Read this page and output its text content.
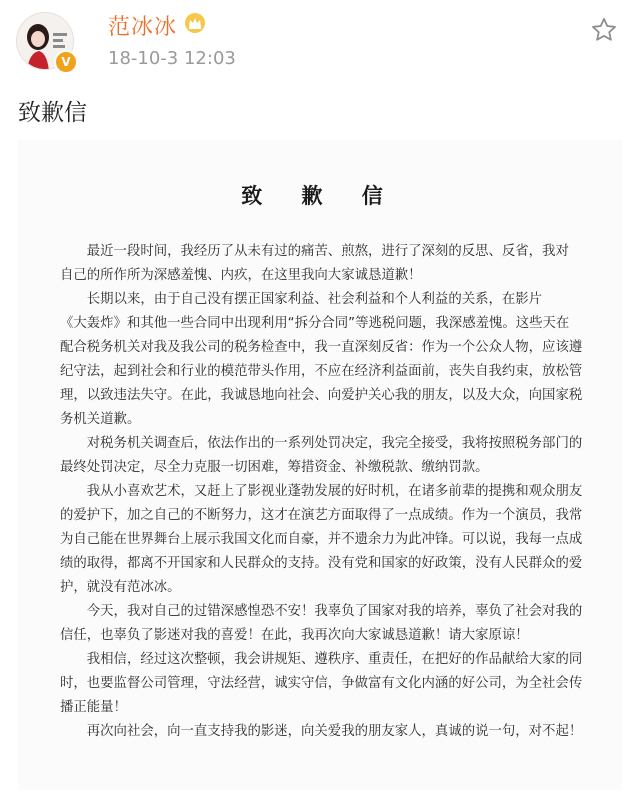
V
范冰冰
18-10-3 12:03
致歉信
致 歉 信
　　最近一段时间，我经历了从未有过的痛苦、煎熬，进行了深刻的反思、反省，我对
自己的所作所为深感羞愧、内疚，在这里我向大家诚恳道歉！
　　长期以来，由于自己没有摆正国家利益、社会利益和个人利益的关系，在影片
《大轰炸》和其他一些合同中出现利用“拆分合同”等逃税问题，我深感羞愧。这些天在
配合税务机关对我及我公司的税务检查中，我一直深刻反省：作为一个公众人物，应该遵
纪守法，起到社会和行业的模范带头作用，不应在经济利益面前，丧失自我约束，放松管
理，以致违法失守。在此，我诚恳地向社会、向爱护关心我的朋友，以及大众，向国家税
务机关道歉。
　　对税务机关调查后，依法作出的一系列处罚决定，我完全接受，我将按照税务部门的
最终处罚决定，尽全力克服一切困难，筹措资金、补缴税款、缴纳罚款。
　　我从小喜欢艺术，又赶上了影视业蓬勃发展的好时机，在诸多前辈的提携和观众朋友
的爱护下，加之自己的不断努力，这才在演艺方面取得了一点成绩。作为一个演员，我常
为自己能在世界舞台上展示我国文化而自豪，并不遗余力为此冲锋。可以说，我每一点成
绩的取得，都离不开国家和人民群众的支持。没有党和国家的好政策，没有人民群众的爱
护，就没有范冰冰。
　　今天，我对自己的过错深感惶恐不安！我辜负了国家对我的培养，辜负了社会对我的
信任，也辜负了影迷对我的喜爱！在此，我再次向大家诚恳道歉！请大家原谅！
　　我相信，经过这次整顿，我会讲规矩、遵秩序、重责任，在把好的作品献给大家的同
时，也要监督公司管理，守法经营，诚实守信，争做富有文化内涵的好公司，为全社会传
播正能量！
　　再次向社会，向一直支持我的影迷，向关爱我的朋友家人，真诚的说一句，对不起！
